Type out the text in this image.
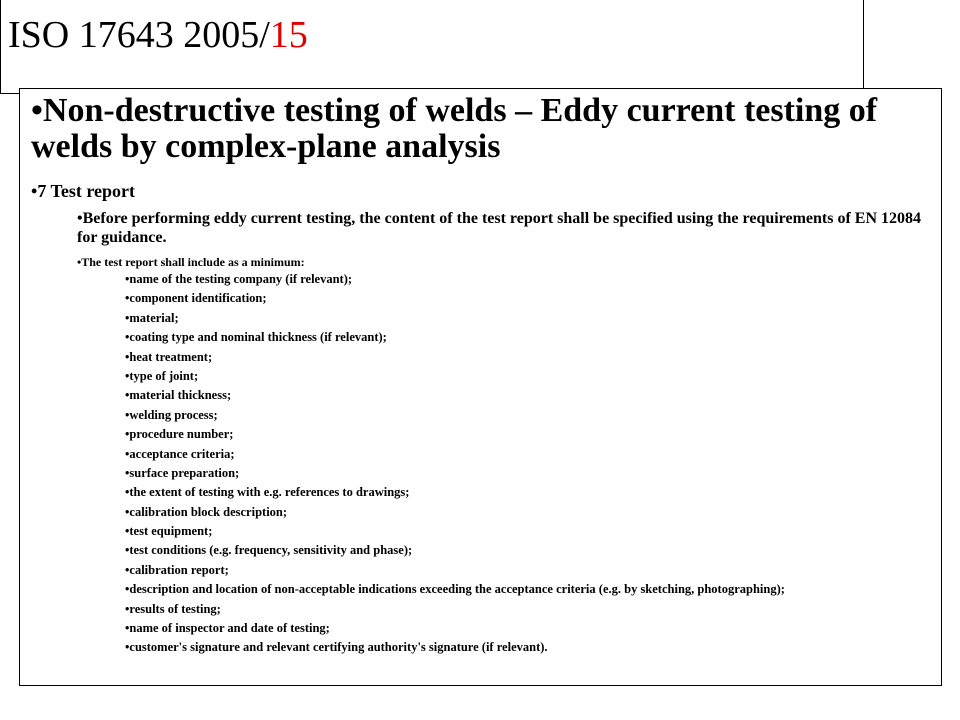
ISO 17643 2005/15
•Non-destructive testing of welds – Eddy current testing of welds by complex-plane analysis
•7 Test report
•Before performing eddy current testing, the content of the test report shall be specified using the requirements of EN 12084 for guidance.
•The test report shall include as a minimum:
•name of the testing company (if relevant);
•component identification;
•material;
•coating type and nominal thickness (if relevant);
•heat treatment;
•type of joint;
•material thickness;
•welding process;
•procedure number;
•acceptance criteria;
•surface preparation;
•the extent of testing with e.g. references to drawings;
•calibration block description;
•test equipment;
•test conditions (e.g. frequency, sensitivity and phase);
•calibration report;
•description and location of non-acceptable indications exceeding the acceptance criteria (e.g. by sketching, photographing);
•results of testing;
•name of inspector and date of testing;
•customer's signature and relevant certifying authority's signature (if relevant).
